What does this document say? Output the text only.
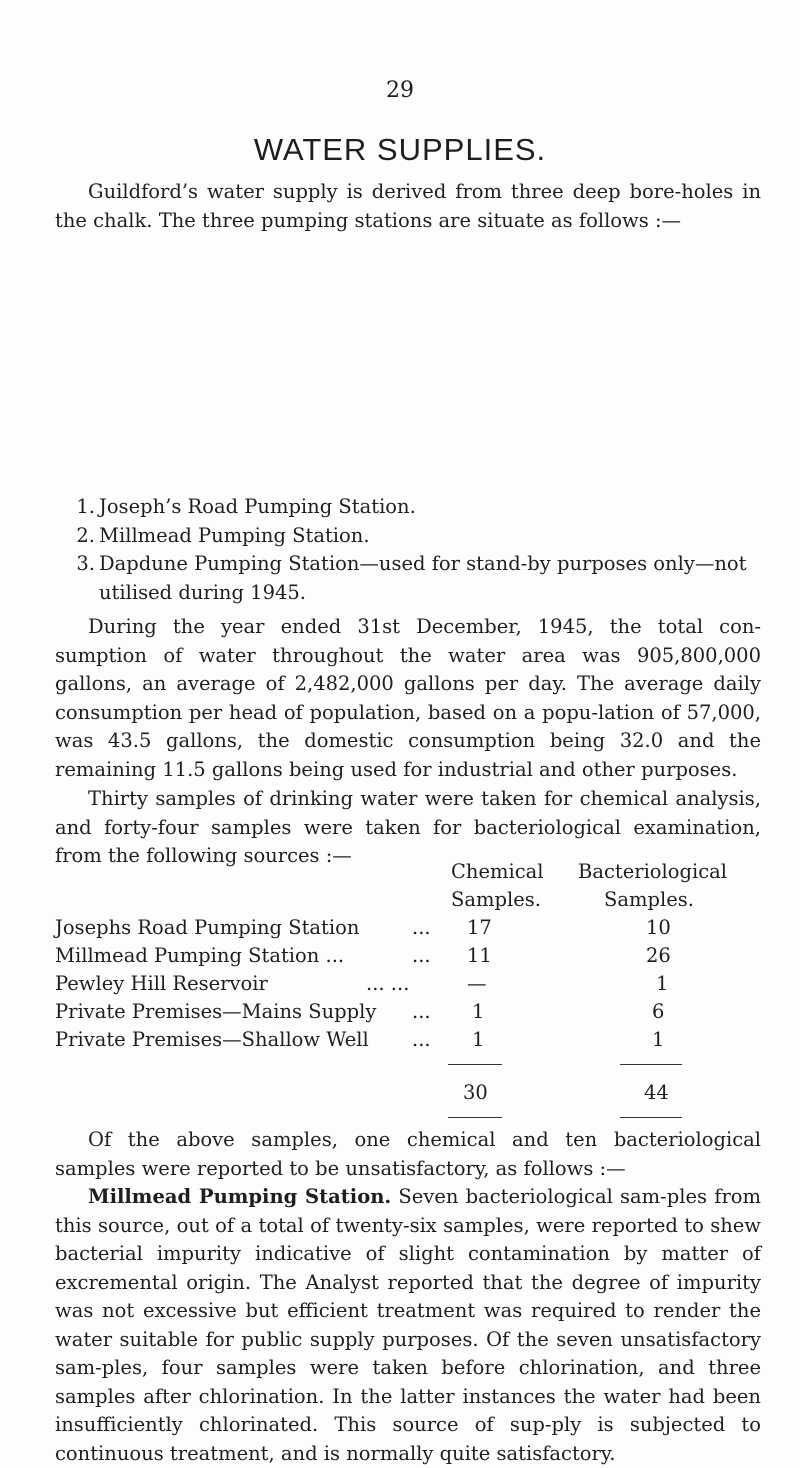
29
WATER SUPPLIES.

Guildford’s water supply is derived from three deep bore-holes in the chalk. The three pumping stations are situate as follows :—

1 . Joseph’s Road Pumping Station.
2 . Millmead Pumping Station.
3 . Dapdune Pumping Station—used for stand-by purposes only—not utilised during 1945.

During the year ended 31st December, 1945, the total con-sumption of water throughout the water area was 905,800,000 gallons, an average of 2,482,000 gallons per day. The average daily consumption per head of population, based on a popu-lation of 57,000, was 43.5 gallons, the domestic consumption being 32.0 and the remaining 11.5 gallons being used for industrial and other purposes.

Thirty samples of drinking water were taken for chemical analysis, and forty-four samples were taken for bacteriological examination, from the following sources :—

Chemical Bacteriological
Samples.	Samples.
Josephs Road Pumping Station	... 17	10
Millmead Pumping Station ...	... 11	26
Pewley Hill Reservoir	... ...	—	1
Private Premises—Mains Supply ... 1	6
Private Premises—Shallow Well ... 1	1
30	44

Of the above samples, one chemical and ten bacteriological samples were reported to be unsatisfactory, as follows :—

Millmead Pumping Station. Seven bacteriological sam-ples from this source, out of a total of twenty-six samples, were reported to shew bacterial impurity indicative of slight contamination by matter of excremental origin. The Analyst reported that the degree of impurity was not excessive but efficient treatment was required to render the water suitable for public supply purposes. Of the seven unsatisfactory sam-ples, four samples were taken before chlorination, and three samples after chlorination. In the latter instances the water had been insufficiently chlorinated. This source of sup-ply is subjected to continuous treatment, and is normally quite satisfactory.
